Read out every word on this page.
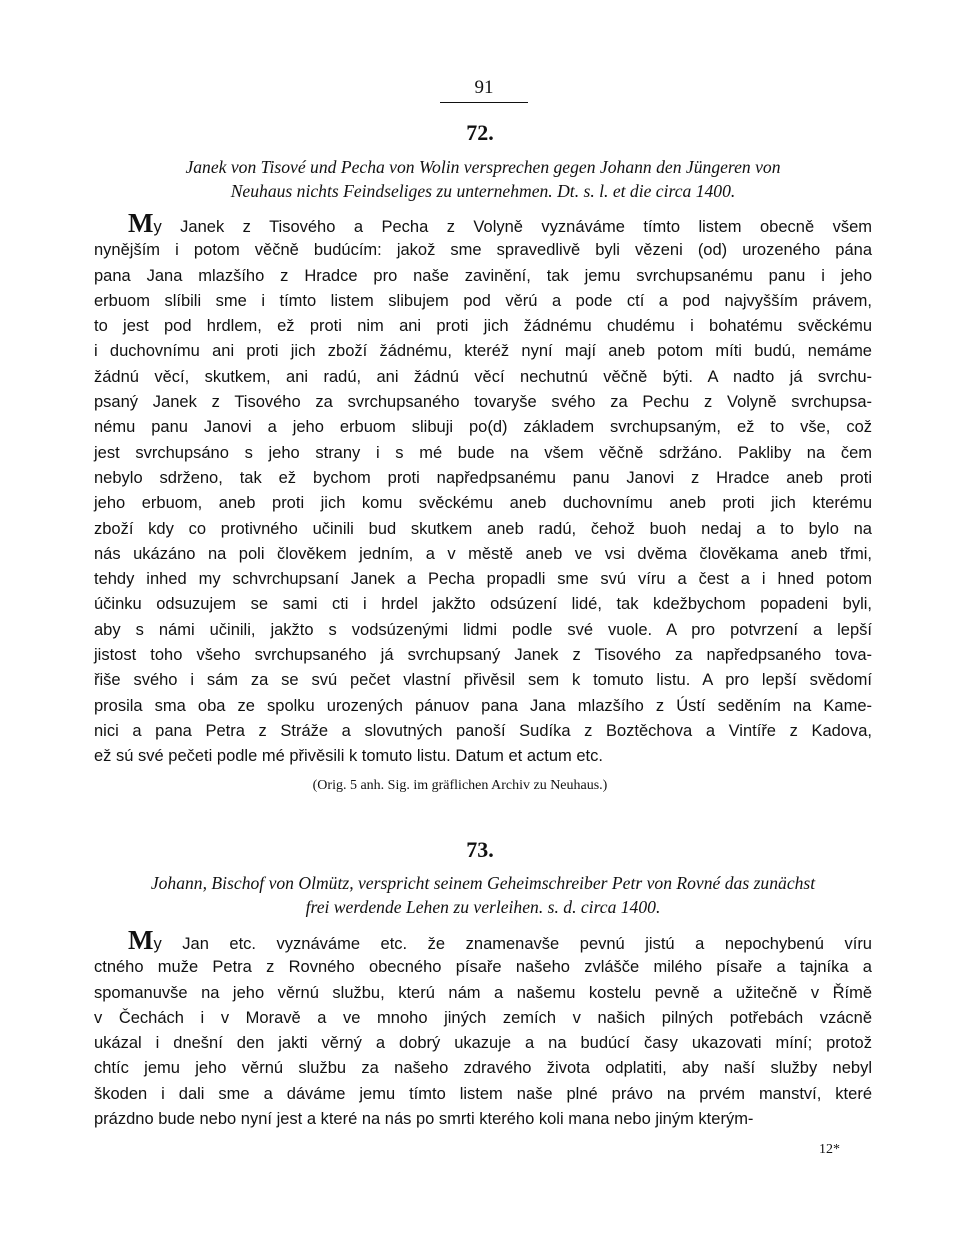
91
72.
Janek von Tisové und Pecha von Wolin versprechen gegen Johann den Jüngeren von
Neuhaus nichts Feindseliges zu unternehmen. Dt. s. l. et die circa 1400.
My Janek z Tisového a Pecha z Volyně vyznáváme tímto listem obecně všem
nynějším i potom věčně budúcím: jakož sme spravedlivě byli vězeni (od) urozeného pána
pana Jana mlazšího z Hradce pro naše zavinění, tak jemu svrchupsanému panu i jeho
erbuom slíbili sme i tímto listem slibujem pod věrú a pode ctí a pod najvyšším právem,
to jest pod hrdlem, ež proti nim ani proti jich žádnému chudému i bohatému svěckému
i duchovnímu ani proti jich zboží žádnému, kteréž nyní mají aneb potom míti budú, nemáme
žádnú věcí, skutkem, ani radú, ani žádnú věcí nechutnú věčně býti. A nadto já svrchu-
psaný Janek z Tisového za svrchupsaného tovaryše svého za Pechu z Volyně svrchupsa-
nému panu Janovi a jeho erbuom slibuji po(d) základem svrchupsaným, ež to vše, což
jest svrchupsáno s jeho strany i s mé bude na všem věčně sdržáno. Pakliby na čem
nebylo sdrženo, tak ež bychom proti napředpsanému panu Janovi z Hradce aneb proti
jeho erbuom, aneb proti jich komu svěckému aneb duchovnímu aneb proti jich kterému
zboží kdy co protivného učinili bud skutkem aneb radú, čehož buoh nedaj a to bylo na
nás ukázáno na poli člověkem jedním, a v městě aneb ve vsi dvěma člověkama aneb třmi,
tehdy inhed my schvrchupsaní Janek a Pecha propadli sme svú víru a čest a i hned potom
účinku odsuzujem se sami cti i hrdel jakžto odsúzení lidé, tak kdežbychom popadeni byli,
aby s námi učinili, jakžto s vodsúzenými lidmi podle své vuole. A pro potvrzení a lepší
jistost toho všeho svrchupsaného já svrchupsaný Janek z Tisového za napředpsaného tova-
řiše svého i sám za se svú pečet vlastní přivěsil sem k tomuto listu. A pro lepší svědomí
prosila sma oba ze spolku urozených pánuov pana Jana mlazšího z Ústí seděním na Kame-
nici a pana Petra z Stráže a slovutných panoší Sudíka z Boztěchova a Vintíře z Kadova,
ež sú své pečeti podle mé přivěsili k tomuto listu. Datum et actum etc.
(Orig. 5 anh. Sig. im gräflichen Archiv zu Neuhaus.)
73.
Johann, Bischof von Olmütz, verspricht seinem Geheimschreiber Petr von Rovné das zunächst
frei werdende Lehen zu verleihen. s. d. circa 1400.
My Jan etc. vyznáváme etc. že znamenavše pevnú jistú a nepochybenú víru
ctného muže Petra z Rovného obecného písaře našeho zvlášče milého písaře a tajníka a
spomanuvše na jeho věrnú službu, kterú nám a našemu kostelu pevně a užitečně v Římě
v Čechách i v Moravě a ve mnoho jiných zemích v našich pilných potřebách vzácně
ukázal i dnešní den jakti věrný a dobrý ukazuje a na budúcí časy ukazovati míní; protož
chtíc jemu jeho věrnú službu za našeho zdravého života odplatiti, aby naší služby nebyl
škoden i dali sme a dáváme jemu tímto listem naše plné právo na prvém manství, které
prázdno bude nebo nyní jest a které na nás po smrti kterého koli mana nebo jiným kterým-
12*
